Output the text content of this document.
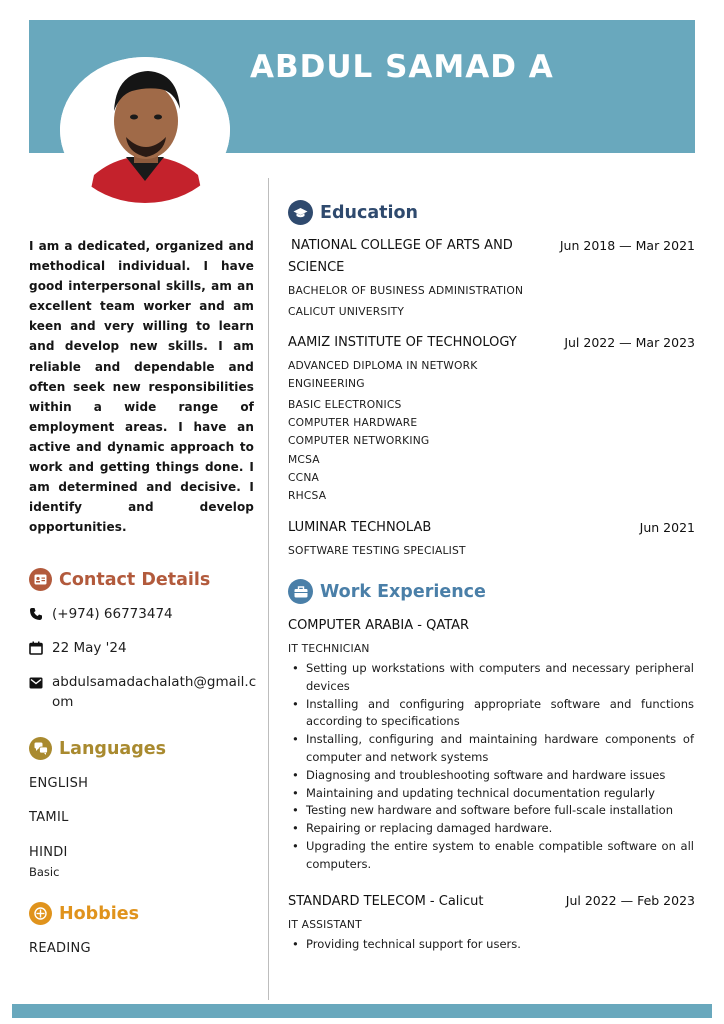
ABDUL SAMAD A

I am a dedicated, organized and methodical individual. I have good interpersonal skills, am an excellent team worker and am keen and very willing to learn and develop new skills. I am reliable and dependable and often seek new responsibilities within a wide range of employment areas. I have an active and dynamic approach to work and getting things done. I am determined and decisive. I identify and develop opportunities.

Contact Details
(+974) 66773474
22 May '24
abdulsamadachalath@gmail.com
Languages
ENGLISH
TAMIL
HINDI
Basic
Hobbies
READING
Education
NATIONAL COLLEGE OF ARTS AND
SCIENCE
Jun 2018 — Mar 2021
BACHELOR OF BUSINESS ADMINISTRATION
CALICUT UNIVERSITY
AAMIZ INSTITUTE OF TECHNOLOGY	Jul 2022 — Mar 2023
ADVANCED DIPLOMA IN NETWORK
ENGINEERING
BASIC ELECTRONICS
COMPUTER HARDWARE
COMPUTER NETWORKING
MCSA
CCNA
RHCSA
LUMINAR TECHNOLAB	Jun 2021
SOFTWARE TESTING SPECIALIST
Work Experience
COMPUTER ARABIA - QATAR
IT TECHNICIAN
• Setting up workstations with computers and necessary peripheral devices
• Installing and configuring appropriate software and functions according to specifications
• Installing, configuring and maintaining hardware components of computer and network systems
• Diagnosing and troubleshooting software and hardware issues
• Maintaining and updating technical documentation regularly
• Testing new hardware and software before full-scale installation
• Repairing or replacing damaged hardware.
• Upgrading the entire system to enable compatible software on all computers.
STANDARD TELECOM - Calicut	Jul 2022 — Feb 2023
IT ASSISTANT
• Providing technical support for users.
